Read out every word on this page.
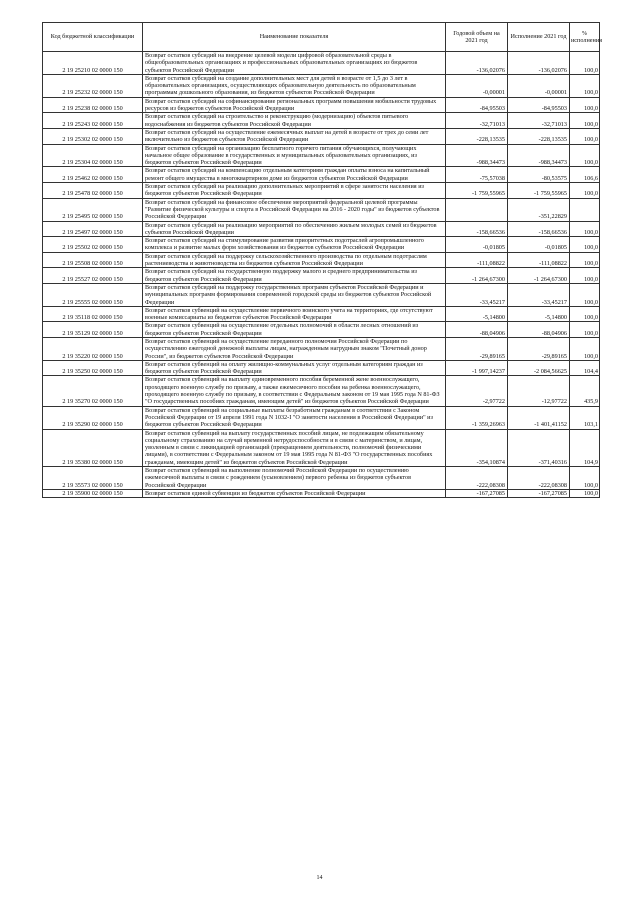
Код бюджетной классификации	Наименование показателя	Годовой объем на 2021 год	Исполнение 2021 год	% исполнения
2 19 25210 02 0000 150	Возврат остатков субсидий на внедрение целевой модели цифровой образовательной среды в общеобразовательных организациях и профессиональных образовательных организациях из бюджетов субъектов Российской Федерации	-136,02076	-136,02076	100,0
2 19 25232 02 0000 150	Возврат остатков субсидий на создание дополнительных мест для детей в возрасте от 1,5 до 3 лет в образовательных организациях, осуществляющих образовательную деятельность по образовательным программам дошкольного образования, из бюджетов субъектов Российской Федерации	-0,00001	-0,00001	100,0
2 19 25238 02 0000 150	Возврат остатков субсидий на софинансирование региональных программ повышения мобильности трудовых ресурсов из бюджетов субъектов Российской Федерации	-84,95503	-84,95503	100,0
2 19 25243 02 0000 150	Возврат остатков субсидий на строительство и реконструкцию (модернизацию) объектов питьевого водоснабжения из бюджетов субъектов Российской Федерации	-32,71013	-32,71013	100,0
2 19 25302 02 0000 150	Возврат остатков субсидий на осуществление ежемесячных выплат на детей в возрасте от трех до семи лет включительно из бюджетов субъектов Российской Федерации	-228,13535	-228,13535	100,0
2 19 25304 02 0000 150	Возврат остатков субсидий на организацию бесплатного горячего питания обучающихся, получающих начальное общее образование в государственных и муниципальных образовательных организациях, из бюджетов субъектов Российской Федерации	-988,34473	-988,34473	100,0
2 19 25462 02 0000 150	Возврат остатков субсидий на компенсацию отдельным категориям граждан оплаты взноса на капитальный ремонт общего имущества в многоквартирном доме из бюджетов субъектов Российской Федерации	-75,57038	-80,53575	106,6
2 19 25478 02 0000 150	Возврат остатков субсидий на реализацию дополнительных мероприятий в сфере занятости населения из бюджетов субъектов Российской Федерации	-1 759,55965	-1 759,55965	100,0
2 19 25495 02 0000 150	Возврат остатков субсидий на финансовое обеспечение мероприятий федеральной целевой программы "Развитие физической культуры и спорта в Российской Федерации на 2016 - 2020 годы" из бюджетов субъектов Российской Федерации		-351,22829	
2 19 25497 02 0000 150	Возврат остатков субсидий на реализацию мероприятий по обеспечению жильем молодых семей из бюджетов субъектов Российской Федерации	-158,66536	-158,66536	100,0
2 19 25502 02 0000 150	Возврат остатков субсидий на стимулирование развития приоритетных подотраслей агропромышленного комплекса и развитие малых форм хозяйствования из бюджетов субъектов Российской Федерации	-0,01805	-0,01805	100,0
2 19 25508 02 0000 150	Возврат остатков субсидий на поддержку сельскохозяйственного производства по отдельным подотраслям растениеводства и животноводства из бюджетов субъектов Российской Федерации	-111,08822	-111,08822	100,0
2 19 25527 02 0000 150	Возврат остатков субсидий на государственную поддержку малого и среднего предпринимательства из бюджетов субъектов Российской Федерации	-1 264,67300	-1 264,67300	100,0
2 19 25555 02 0000 150	Возврат остатков субсидий на поддержку государственных программ субъектов Российской Федерации и муниципальных программ формирования современной городской среды из бюджетов субъектов Российской Федерации	-33,45217	-33,45217	100,0
2 19 35118 02 0000 150	Возврат остатков субвенций на осуществление первичного воинского учета на территориях, где отсутствуют военные комиссариаты из бюджетов субъектов Российской Федерации	-5,14800	-5,14800	100,0
2 19 35129 02 0000 150	Возврат остатков субвенций на осуществление отдельных полномочий в области лесных отношений из бюджетов субъектов Российской Федерации	-88,04906	-88,04906	100,0
2 19 35220 02 0000 150	Возврат остатков субвенций на осуществление переданного полномочия Российской Федерации по осуществлению ежегодной денежной выплаты лицам, награжденным нагрудным знаком "Почетный донор России", из бюджетов субъектов Российской Федерации	-29,89165	-29,89165	100,0
2 19 35250 02 0000 150	Возврат остатков субвенций на оплату жилищно-коммунальных услуг отдельным категориям граждан из бюджетов субъектов Российской Федерации	-1 997,14237	-2 084,56625	104,4
2 19 35270 02 0000 150	Возврат остатков субвенций на выплату единовременного пособия беременной жене военнослужащего, проходящего военную службу по призыву, а также ежемесячного пособия на ребенка военнослужащего, проходящего военную службу по призыву, в соответствии с Федеральным законом от 19 мая 1995 года N 81-ФЗ "О государственных пособиях гражданам, имеющим детей" из бюджетов субъектов Российской Федерации	-2,97722	-12,97722	435,9
2 19 35290 02 0000 150	Возврат остатков субвенций на социальные выплаты безработным гражданам в соответствии с Законом Российской Федерации от 19 апреля 1991 года N 1032-I "О занятости населения в Российской Федерации" из бюджетов субъектов Российской Федерации	-1 359,26963	-1 401,41152	103,1
2 19 35380 02 0000 150	Возврат остатков субвенций на выплату государственных пособий лицам, не подлежащим обязательному социальному страхованию на случай временной нетрудоспособности и в связи с материнством, и лицам, уволенным в связи с ликвидацией организаций (прекращением деятельности, полномочий физическими лицами), в соответствии с Федеральным законом от 19 мая 1995 года N 81-ФЗ "О государственных пособиях гражданам, имеющим детей" из бюджетов субъектов Российской Федерации	-354,10874	-371,40316	104,9
2 19 35573 02 0000 150	Возврат остатков субвенций на выполнение полномочий Российской Федерации по осуществлению ежемесячной выплаты в связи с рождением (усыновлением) первого ребенка из бюджетов субъектов Российской Федерации	-222,08308	-222,08308	100,0
2 19 35900 02 0000 150	Возврат остатков единой субвенции из бюджетов субъектов Российской Федерации	-167,27085	-167,27085	100,0
14
